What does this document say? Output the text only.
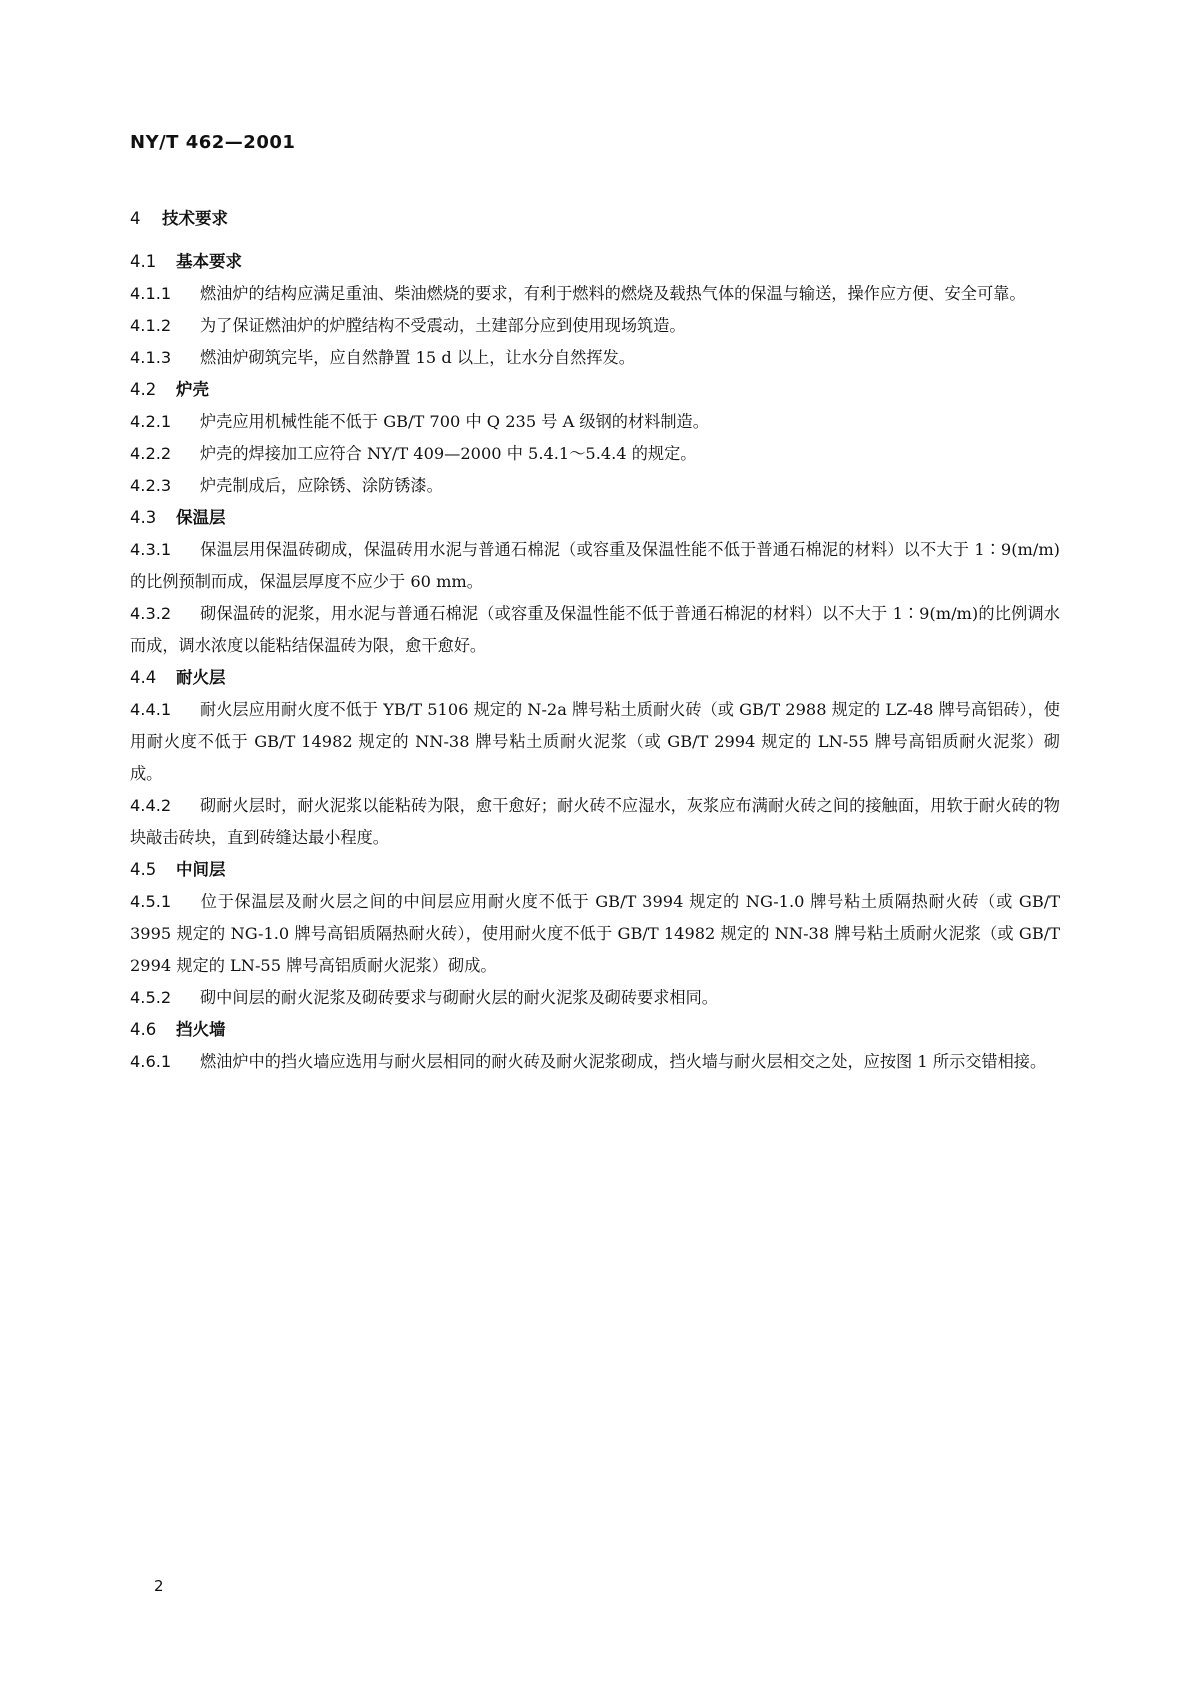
NY/T 462—2001
4 技术要求
4.1 基本要求
4.1.1 燃油炉的结构应满足重油、柴油燃烧的要求，有利于燃料的燃烧及载热气体的保温与输送，操作应方便、安全可靠。
4.1.2 为了保证燃油炉的炉膛结构不受震动，土建部分应到使用现场筑造。
4.1.3 燃油炉砌筑完毕，应自然静置 15 d 以上，让水分自然挥发。
4.2 炉壳
4.2.1 炉壳应用机械性能不低于 GB/T 700 中 Q 235 号 A 级钢的材料制造。
4.2.2 炉壳的焊接加工应符合 NY/T 409—2000 中 5.4.1～5.4.4 的规定。
4.2.3 炉壳制成后，应除锈、涂防锈漆。
4.3 保温层
4.3.1 保温层用保温砖砌成，保温砖用水泥与普通石棉泥（或容重及保温性能不低于普通石棉泥的材料）以不大于 1∶9(m/m)的比例预制而成，保温层厚度不应少于 60 mm。
4.3.2 砌保温砖的泥浆，用水泥与普通石棉泥（或容重及保温性能不低于普通石棉泥的材料）以不大于 1∶9(m/m)的比例调水而成，调水浓度以能粘结保温砖为限，愈干愈好。
4.4 耐火层
4.4.1 耐火层应用耐火度不低于 YB/T 5106 规定的 N-2a 牌号粘土质耐火砖（或 GB/T 2988 规定的 LZ-48 牌号高铝砖），使用耐火度不低于 GB/T 14982 规定的 NN-38 牌号粘土质耐火泥浆（或 GB/T 2994 规定的 LN-55 牌号高铝质耐火泥浆）砌成。
4.4.2 砌耐火层时，耐火泥浆以能粘砖为限，愈干愈好；耐火砖不应湿水，灰浆应布满耐火砖之间的接触面，用软于耐火砖的物块敲击砖块，直到砖缝达最小程度。
4.5 中间层
4.5.1 位于保温层及耐火层之间的中间层应用耐火度不低于 GB/T 3994 规定的 NG-1.0 牌号粘土质隔热耐火砖（或 GB/T 3995 规定的 NG-1.0 牌号高铝质隔热耐火砖），使用耐火度不低于 GB/T 14982 规定的 NN-38 牌号粘土质耐火泥浆（或 GB/T 2994 规定的 LN-55 牌号高铝质耐火泥浆）砌成。
4.5.2 砌中间层的耐火泥浆及砌砖要求与砌耐火层的耐火泥浆及砌砖要求相同。
4.6 挡火墙
4.6.1 燃油炉中的挡火墙应选用与耐火层相同的耐火砖及耐火泥浆砌成，挡火墙与耐火层相交之处，应按图 1 所示交错相接。
2
